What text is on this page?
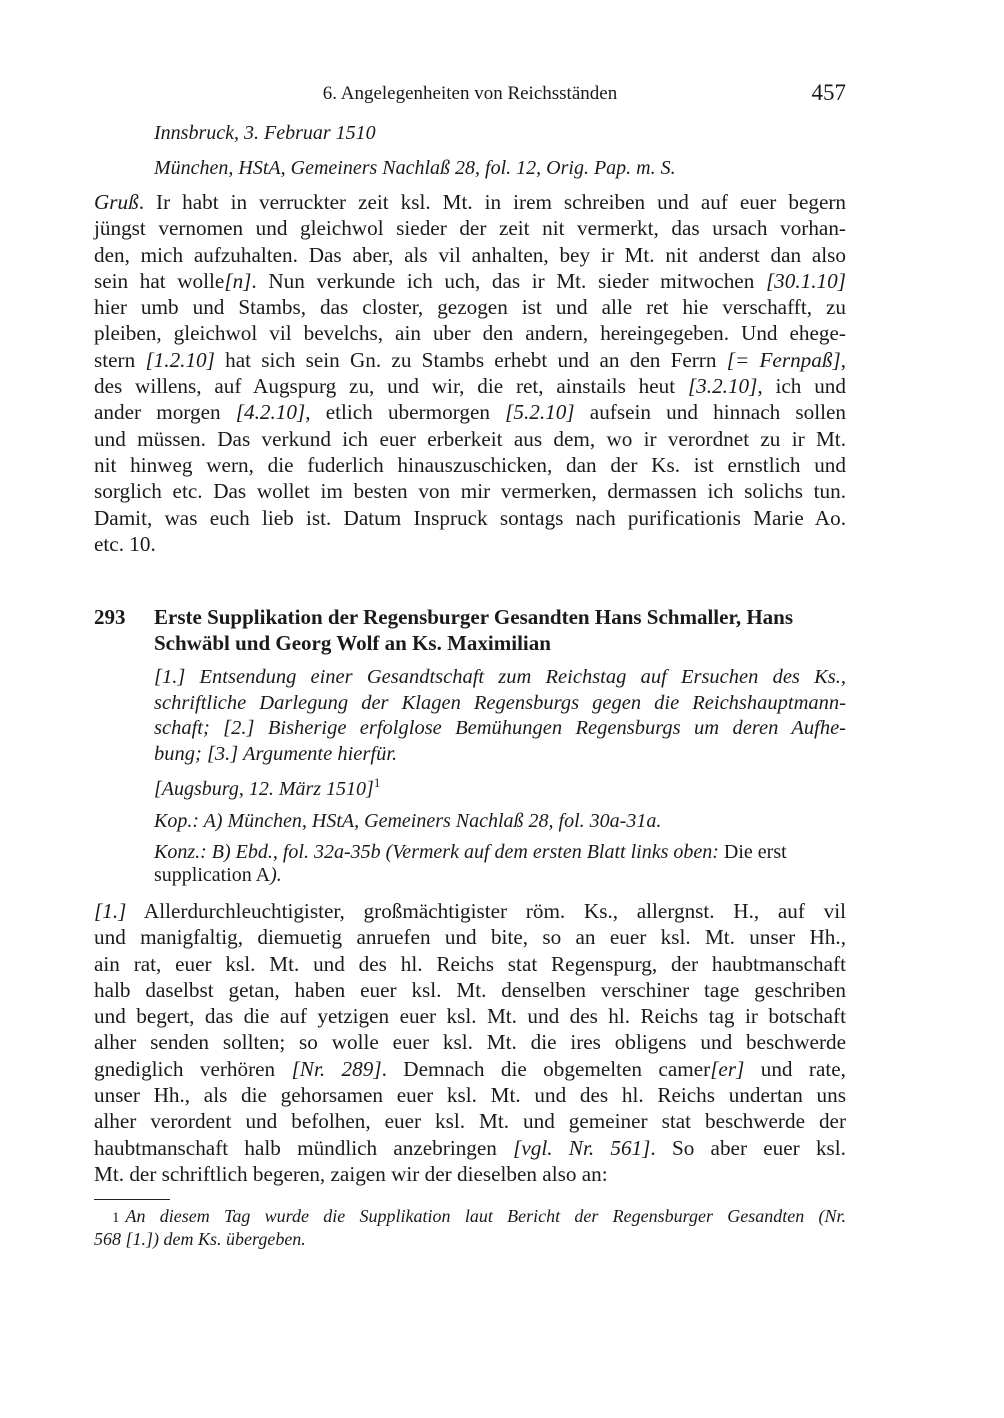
6. Angelegenheiten von Reichsständen	457
Innsbruck, 3. Februar 1510
München, HStA, Gemeiners Nachlaß 28, fol. 12, Orig. Pap. m. S.
Gruß. Ir habt in verruckter zeit ksl. Mt. in irem schreiben und auf euer begern
jüngst vernomen und gleichwol sieder der zeit nit vermerkt, das ursach vorhan-
den, mich aufzuhalten. Das aber, als vil anhalten, bey ir Mt. nit anderst dan also
sein hat wolle[n]. Nun verkunde ich uch, das ir Mt. sieder mitwochen [30.1.10]
hier umb und Stambs, das closter, gezogen ist und alle ret hie verschafft, zu
pleiben, gleichwol vil bevelchs, ain uber den andern, hereingegeben. Und ehege-
stern [1.2.10] hat sich sein Gn. zu Stambs erhebt und an den Ferrn [= Fernpaß],
des willens, auf Augspurg zu, und wir, die ret, ainstails heut [3.2.10], ich und
ander morgen [4.2.10], etlich ubermorgen [5.2.10] aufsein und hinnach sollen
und müssen. Das verkund ich euer erberkeit aus dem, wo ir verordnet zu ir Mt.
nit hinweg wern, die fuderlich hinauszuschicken, dan der Ks. ist ernstlich und
sorglich etc. Das wollet im besten von mir vermerken, dermassen ich solichs tun.
Damit, was euch lieb ist. Datum Inspruck sontags nach purificationis Marie Ao.
etc. 10.
293 Erste Supplikation der Regensburger Gesandten Hans Schmaller, Hans
Schwäbl und Georg Wolf an Ks. Maximilian
[1.] Entsendung einer Gesandtschaft zum Reichstag auf Ersuchen des Ks.,
schriftliche Darlegung der Klagen Regensburgs gegen die Reichshauptmann-
schaft; [2.] Bisherige erfolglose Bemühungen Regensburgs um deren Aufhe-
bung; [3.] Argumente hierfür.
[Augsburg, 12. März 1510]$^1$
Kop.: A) München, HStA, Gemeiners Nachlaß 28, fol. 30a-31a.
Konz.: B) Ebd., fol. 32a-35b (Vermerk auf dem ersten Blatt links oben: Die erst
supplication A).
[1.] Allerdurchleuchtigister, großmächtigister röm. Ks., allergnst. H., auf vil
und manigfaltig, diemuetig anruefen und bite, so an euer ksl. Mt. unser Hh.,
ain rat, euer ksl. Mt. und des hl. Reichs stat Regenspurg, der haubtmanschaft
halb daselbst getan, haben euer ksl. Mt. denselben verschiner tage geschriben
und begert, das die auf yetzigen euer ksl. Mt. und des hl. Reichs tag ir botschaft
alher senden sollten; so wolle euer ksl. Mt. die ires obligens und beschwerde
gnediglich verhören [Nr. 289]. Demnach die obgemelten camer[er] und rate,
unser Hh., als die gehorsamen euer ksl. Mt. und des hl. Reichs undertan uns
alher verordent und befolhen, euer ksl. Mt. und gemeiner stat beschwerde der
haubtmanschaft halb mündlich anzebringen [vgl. Nr. 561]. So aber euer ksl.
Mt. der schriftlich begeren, zaigen wir der dieselben also an:
1 An diesem Tag wurde die Supplikation laut Bericht der Regensburger Gesandten (Nr.
568 [1.]) dem Ks. übergeben.
